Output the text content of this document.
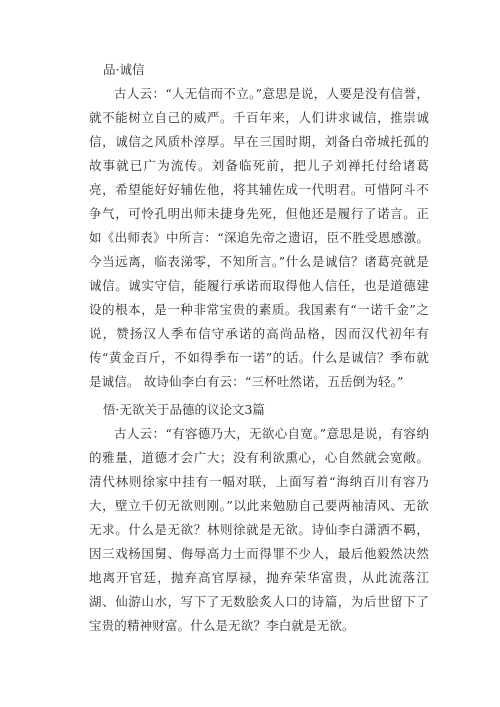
品·诚信

古人云：“人无信而不立。”意思是说，人要是没有信誉，就不能树立自己的威严。千百年来，人们讲求诚信，推崇诚信，诚信之风质朴淳厚。早在三国时期，刘备白帝城托孤的故事就已广为流传。刘备临死前，把儿子刘禅托付给诸葛亮，希望能好好辅佐他，将其辅佐成一代明君。可惜阿斗不争气，可怜孔明出师未捷身先死，但他还是履行了诺言。正如《出师表》中所言：“深追先帝之遗诏，臣不胜受恩感激。今当远离，临表涕零，不知所言。”什么是诚信？诸葛亮就是诚信。诚实守信，能履行承诺而取得他人信任，也是道德建设的根本，是一种非常宝贵的素质。我国素有“一诺千金”之说，赞扬汉人季布信守承诺的高尚品格，因而汉代初年有传“黄金百斤，不如得季布一诺”的话。什么是诚信？季布就是诚信。 故诗仙李白有云：“三杯吐然诺，五岳倒为轻。”

悟·无欲关于品德的议论文3篇

古人云：“有容德乃大，无欲心自宽。”意思是说，有容纳的雅量，道德才会广大；没有利欲熏心，心自然就会宽敞。清代林则徐家中挂有一幅对联，上面写着“海纳百川有容乃大，壁立千仞无欲则刚。”以此来勉励自己要两袖清风、无欲无求。什么是无欲？林则徐就是无欲。诗仙李白潇洒不羁，因三戏杨国舅、侮辱高力士而得罪不少人，最后他毅然决然地离开官廷，抛弃高官厚禄，抛弃荣华富贵，从此流落江湖、仙游山水，写下了无数脍炙人口的诗篇，为后世留下了宝贵的精神财富。什么是无欲？李白就是无欲。
